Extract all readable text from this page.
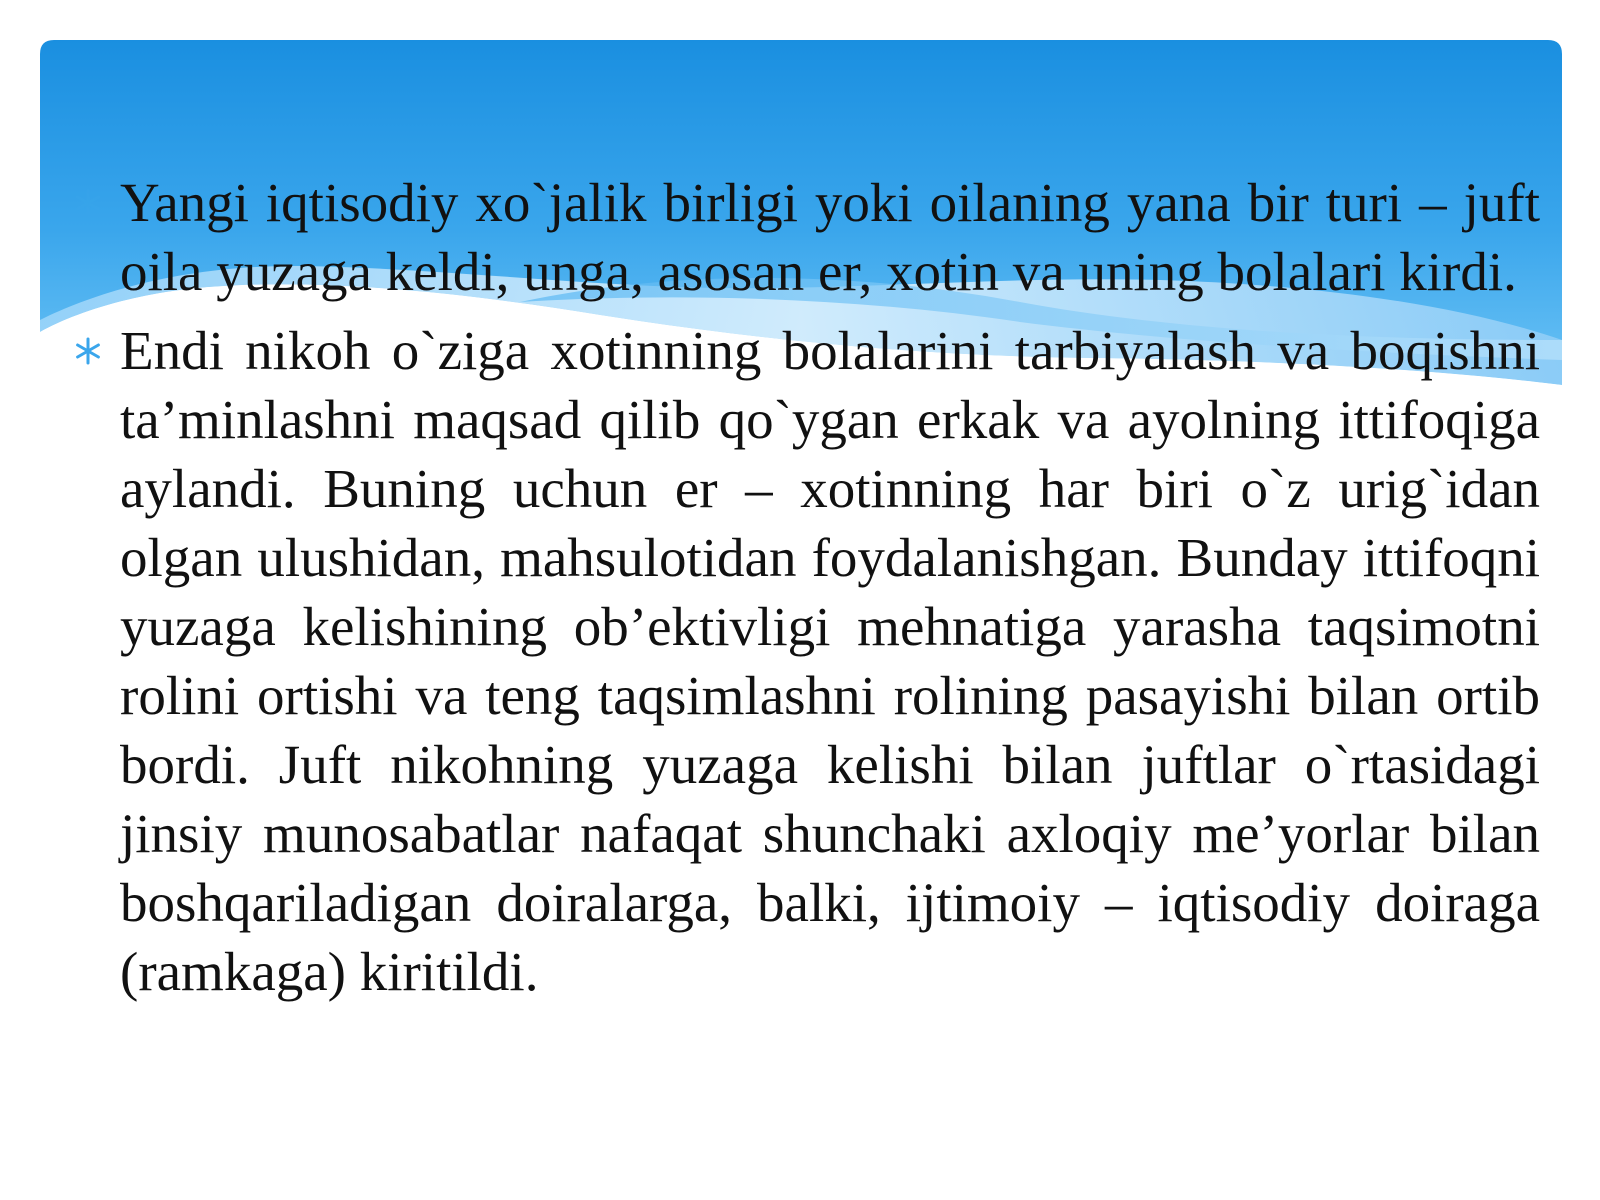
Yangi iqtisodiy xo`jalik birligi yoki oilaning yana bir turi – juft oila yuzaga keldi, unga, asosan er, xotin va uning bolalari kirdi.

Endi nikoh o`ziga xotinning bolalarini tarbiyalash va boqishni ta’minlashni maqsad qilib qo`ygan erkak va ayolning ittifoqiga aylandi. Buning uchun er – xotinning har biri o`z urig`idan olgan ulushidan, mahsulotidan foydalanishgan. Bunday ittifoqni yuzaga kelishining ob’ektivligi mehnatiga yarasha taqsimotni rolini ortishi va teng taqsimlashni rolining pasayishi bilan ortib bordi. Juft nikohning yuzaga kelishi bilan juftlar o`rtasidagi jinsiy munosabatlar nafaqat shunchaki axloqiy me’yorlar bilan boshqariladigan doiralarga, balki, ijtimoiy – iqtisodiy doiraga (ramkaga) kiritildi.
